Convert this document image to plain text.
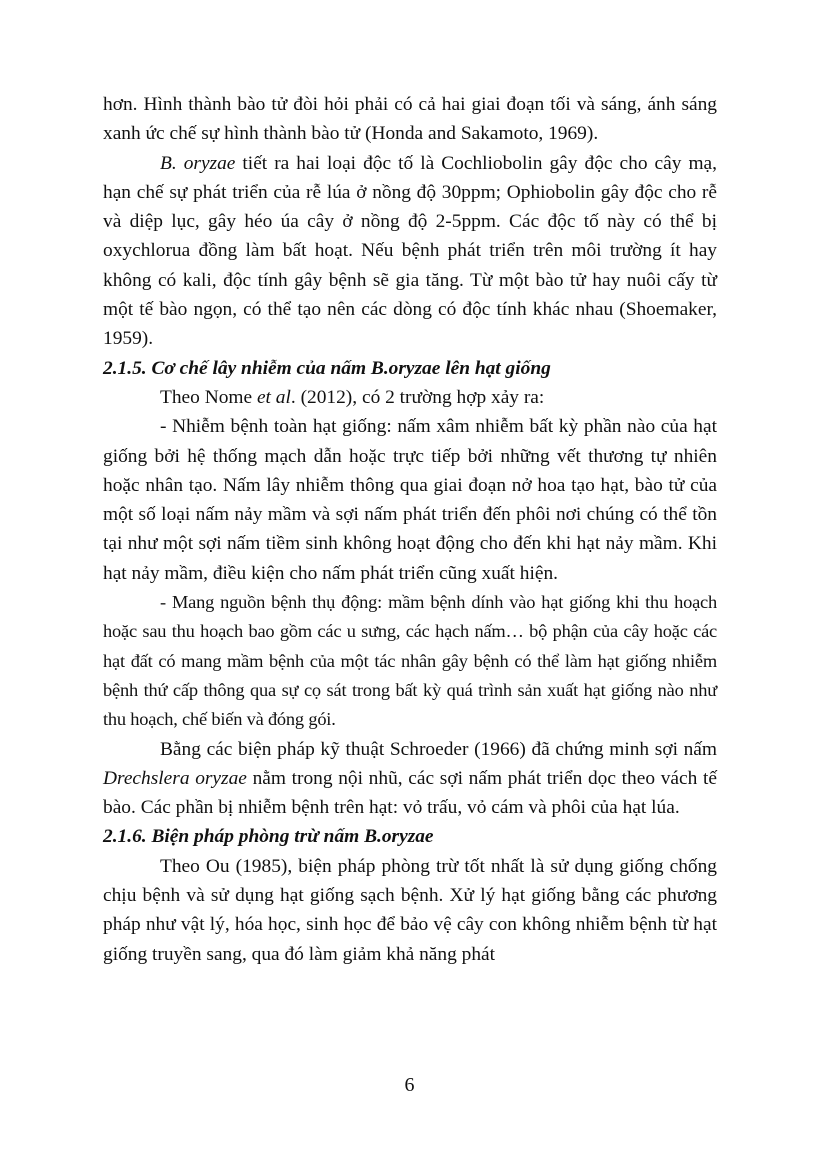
hơn. Hình thành bào tử đòi hỏi phải có cả hai giai đoạn tối và sáng, ánh sáng xanh ức chế sự hình thành bào tử (Honda and Sakamoto, 1969).

B. oryzae tiết ra hai loại độc tố là Cochliobolin gây độc cho cây mạ, hạn chế sự phát triển của rễ lúa ở nồng độ 30ppm; Ophiobolin gây độc cho rễ và diệp lục, gây héo úa cây ở nồng độ 2-5ppm. Các độc tố này có thể bị oxychlorua đồng làm bất hoạt. Nếu bệnh phát triển trên môi trường ít hay không có kali, độc tính gây bệnh sẽ gia tăng. Từ một bào tử hay nuôi cấy từ một tế bào ngọn, có thể tạo nên các dòng có độc tính khác nhau (Shoemaker, 1959).

2.1.5. Cơ chế lây nhiễm của nấm B.oryzae lên hạt giống

Theo Nome et al. (2012), có 2 trường hợp xảy ra:

- Nhiễm bệnh toàn hạt giống: nấm xâm nhiễm bất kỳ phần nào của hạt giống bởi hệ thống mạch dẫn hoặc trực tiếp bởi những vết thương tự nhiên hoặc nhân tạo. Nấm lây nhiễm thông qua giai đoạn nở hoa tạo hạt, bào tử của một số loại nấm nảy mầm và sợi nấm phát triển đến phôi nơi chúng có thể tồn tại như một sợi nấm tiềm sinh không hoạt động cho đến khi hạt nảy mầm. Khi hạt nảy mầm, điều kiện cho nấm phát triển cũng xuất hiện.

- Mang nguồn bệnh thụ động: mầm bệnh dính vào hạt giống khi thu hoạch hoặc sau thu hoạch bao gồm các u sưng, các hạch nấm… bộ phận của cây hoặc các hạt đất có mang mầm bệnh của một tác nhân gây bệnh có thể làm hạt giống nhiễm bệnh thứ cấp thông qua sự cọ sát trong bất kỳ quá trình sản xuất hạt giống nào như thu hoạch, chế biến và đóng gói.

Bằng các biện pháp kỹ thuật Schroeder (1966) đã chứng minh sợi nấm Drechslera oryzae nằm trong nội nhũ, các sợi nấm phát triển dọc theo vách tế bào. Các phần bị nhiễm bệnh trên hạt: vỏ trấu, vỏ cám và phôi của hạt lúa.

2.1.6. Biện pháp phòng trừ nấm B.oryzae

Theo Ou (1985), biện pháp phòng trừ tốt nhất là sử dụng giống chống chịu bệnh và sử dụng hạt giống sạch bệnh. Xử lý hạt giống bằng các phương pháp như vật lý, hóa học, sinh học để bảo vệ cây con không nhiễm bệnh từ hạt giống truyền sang, qua đó làm giảm khả năng phát

6
